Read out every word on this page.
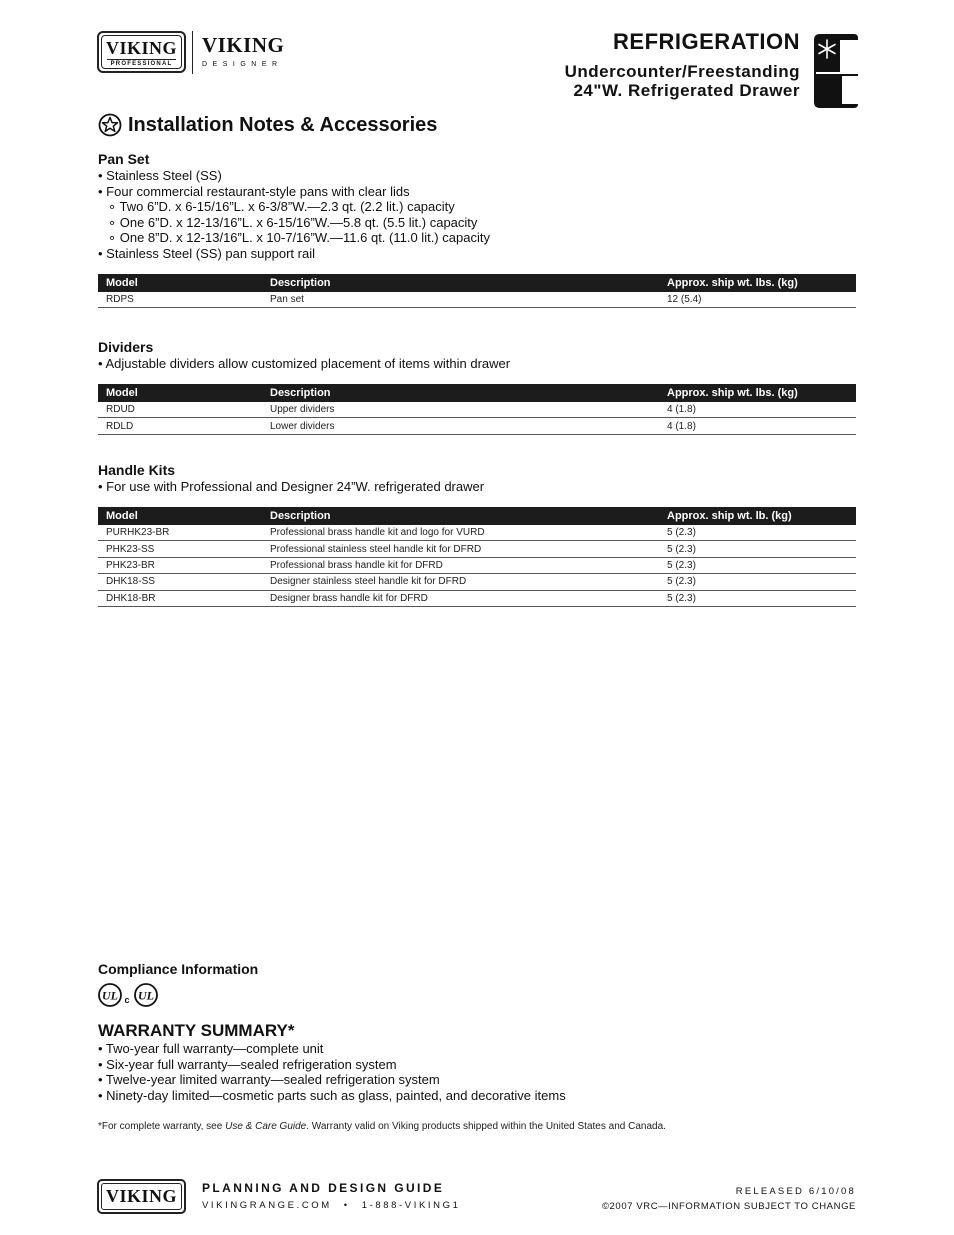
VIKING
PROFESSIONAL
VIKING
DESIGNER
REFRIGERATION
Undercounter/Freestanding
24"W. Refrigerated Drawer
Installation Notes & Accessories
Pan Set
• Stainless Steel (SS)
• Four commercial restaurant-style pans with clear lids
∘ Two 6”D. x 6-15/16”L. x 6-3/8”W.—2.3 qt. (2.2 lit.) capacity
∘ One 6”D. x 12-13/16”L. x 6-15/16”W.—5.8 qt. (5.5 lit.) capacity
∘ One 8”D. x 12-13/16”L. x 10-7/16”W.—11.6 qt. (11.0 lit.) capacity
• Stainless Steel (SS) pan support rail
Model	Description	Approx. ship wt. lbs. (kg)
RDPS	Pan set	12 (5.4)
Dividers
• Adjustable dividers allow customized placement of items within drawer
Model	Description	Approx. ship wt. lbs. (kg)
RDUD	Upper dividers	4 (1.8)
RDLD	Lower dividers	4 (1.8)
Handle Kits
• For use with Professional and Designer 24”W. refrigerated drawer
Model	Description	Approx. ship wt. lb. (kg)
PURHK23-BR	Professional brass handle kit and logo for VURD	5 (2.3)
PHK23-SS	Professional stainless steel handle kit for DFRD	5 (2.3)
PHK23-BR	Professional brass handle kit for DFRD	5 (2.3)
DHK18-SS	Designer stainless steel handle kit for DFRD	5 (2.3)
DHK18-BR	Designer brass handle kit for DFRD	5 (2.3)
Compliance Information
UL c UL
WARRANTY SUMMARY*
• Two-year full warranty—complete unit
• Six-year full warranty—sealed refrigeration system
• Twelve-year limited warranty—sealed refrigeration system
• Ninety-day limited—cosmetic parts such as glass, painted, and decorative items
*For complete warranty, see Use & Care Guide. Warranty valid on Viking products shipped within the United States and Canada.
VIKING	PLANNING AND DESIGN GUIDE
VIKINGRANGE.COM • 1-888-VIKING1
RELEASED 6/10/08
©2007 VRC—INFORMATION SUBJECT TO CHANGE
